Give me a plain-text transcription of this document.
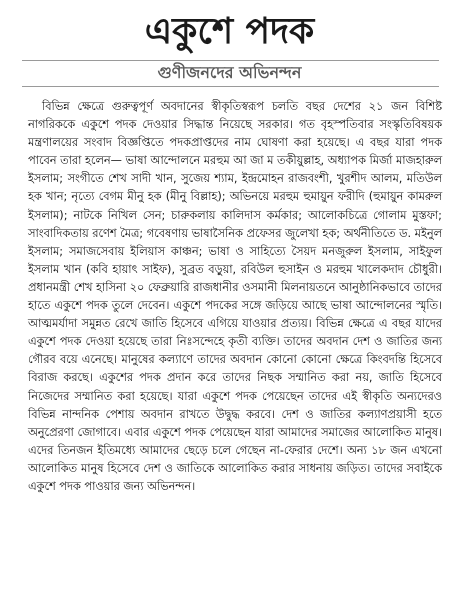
একুশে পদক
গুণীজনদের অভিনন্দন

বিভিন্ন ক্ষেত্রে গুরুত্বপূর্ণ অবদানের স্বীকৃতিস্বরূপ চলতি বছর দেশের ২১ জন বিশিষ্ট নাগরিককে একুশে পদক দেওয়ার সিদ্ধান্ত নিয়েছে সরকার। গত বৃহস্পতিবার সংস্কৃতিবিষয়ক মন্ত্রণালয়ের সংবাদ বিজ্ঞপ্তিতে পদকপ্রাপ্তদের নাম ঘোষণা করা হয়েছে। এ বছর যারা পদক পাবেন তারা হলেন— ভাষা আন্দোলনে মরহুম আ জা ম তকীয়ুল্লাহ, অধ্যাপক মির্জা মাজহারুল ইসলাম; সংগীতে শেখ সাদী খান, সুজেয় শ্যাম, ইন্দ্রমোহন রাজবংশী, খুরশীদ আলম, মতিউল হক খান; নৃত্যে বেগম মীনু হক (মীনু বিল্লাহ); অভিনয়ে মরহুম হুমায়ুন ফরীদি (হুমায়ুন কামরুল ইসলাম); নাটকে নিখিল সেন; চারুকলায় কালিদাস কর্মকার; আলোকচিত্রে গোলাম মুস্তফা; সাংবাদিকতায় রণেশ মৈত্র; গবেষণায় ভাষাসৈনিক প্রফেসর জুলেখা হক; অর্থনীতিতে ড. মইনুল ইসলাম; সমাজসেবায় ইলিয়াস কাঞ্চন; ভাষা ও সাহিত্যে সৈয়দ মনজুরুল ইসলাম, সাইফুল ইসলাম খান (কবি হায়াৎ সাইফ), সুব্রত বড়ুয়া, রবিউল হুসাইন ও মরহুম খালেকদাদ চৌধুরী। প্রধানমন্ত্রী শেখ হাসিনা ২০ ফেব্রুয়ারি রাজধানীর ওসমানী মিলনায়তনে আনুষ্ঠানিকভাবে তাদের হাতে একুশে পদক তুলে দেবেন। একুশে পদকের সঙ্গে জড়িয়ে আছে ভাষা আন্দোলনের স্মৃতি। আত্মমর্যাদা সমুন্নত রেখে জাতি হিসেবে এগিয়ে যাওয়ার প্রত্যয়। বিভিন্ন ক্ষেত্রে এ বছর যাদের একুশে পদক দেওয়া হয়েছে তারা নিঃসন্দেহে কৃতী ব্যক্তি। তাদের অবদান দেশ ও জাতির জন্য গৌরব বয়ে এনেছে। মানুষের কল্যাণে তাদের অবদান কোনো কোনো ক্ষেত্রে কিংবদন্তি হিসেবে বিরাজ করছে। একুশের পদক প্রদান করে তাদের নিছক সম্মানিত করা নয়, জাতি হিসেবে নিজেদের সম্মানিত করা হয়েছে। যারা একুশে পদক পেয়েছেন তাদের এই স্বীকৃতি অন্যদেরও বিভিন্ন নান্দনিক পেশায় অবদান রাখতে উদ্বুদ্ধ করবে। দেশ ও জাতির কল্যাণপ্রয়াসী হতে অনুপ্রেরণা জোগাবে। এবার একুশে পদক পেয়েছেন যারা আমাদের সমাজের আলোকিত মানুষ। এদের তিনজন ইতিমধ্যে আমাদের ছেড়ে চলে গেছেন না-ফেরার দেশে। অন্য ১৮ জন এখনো আলোকিত মানুষ হিসেবে দেশ ও জাতিকে আলোকিত করার সাধনায় জড়িত। তাদের সবাইকে একুশে পদক পাওয়ার জন্য অভিনন্দন।
